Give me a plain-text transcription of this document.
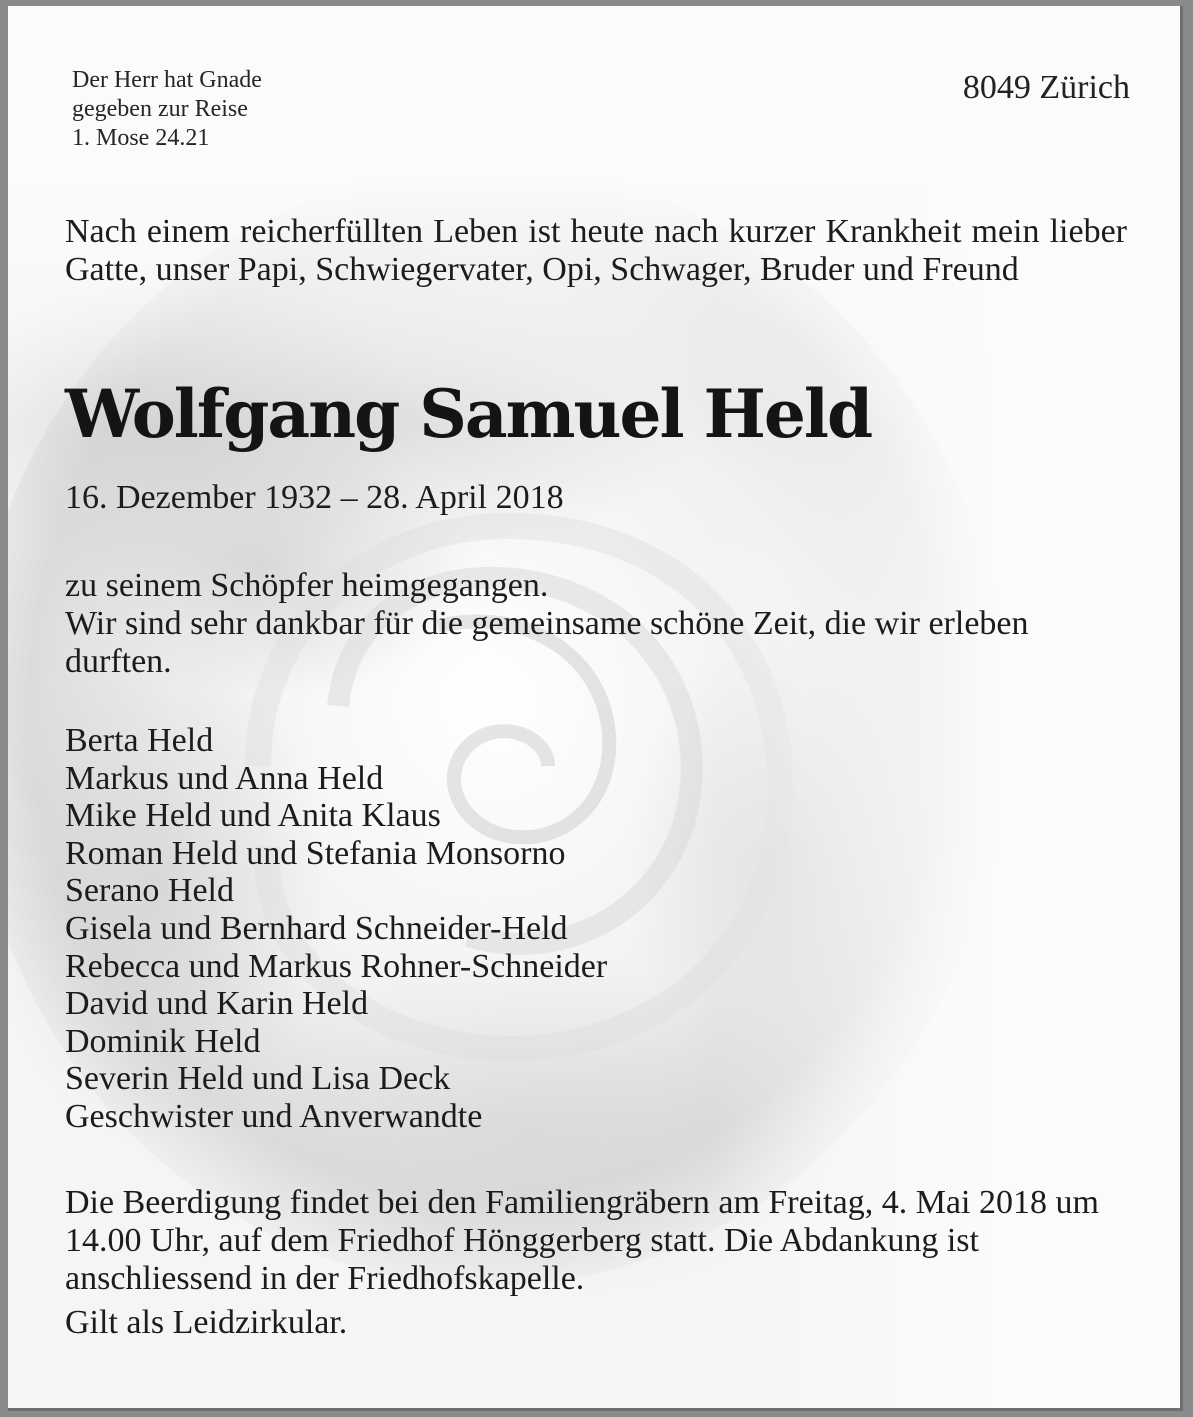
Der Herr hat Gnade
gegeben zur Reise
1. Mose 24.21
8049 Zürich
Nach einem reicherfüllten Leben ist heute nach kurzer Krankheit mein lieber Gatte, unser Papi, Schwiegervater, Opi, Schwager, Bruder und Freund
Wolfgang Samuel Held
16. Dezember 1932 – 28. April 2018

zu seinem Schöpfer heimgegangen.

Wir sind sehr dankbar für die gemeinsame schöne Zeit, die wir erleben durften.

Berta Held
Markus und Anna Held
Mike Held und Anita Klaus
Roman Held und Stefania Monsorno
Serano Held
Gisela und Bernhard Schneider-Held
Rebecca und Markus Rohner-Schneider
David und Karin Held
Dominik Held
Severin Held und Lisa Deck
Geschwister und Anverwandte

Die Beerdigung findet bei den Familiengräbern am Freitag, 4. Mai 2018 um 14.00 Uhr, auf dem Friedhof Hönggerberg statt. Die Abdankung ist anschliessend in der Friedhofskapelle.

Gilt als Leidzirkular.
